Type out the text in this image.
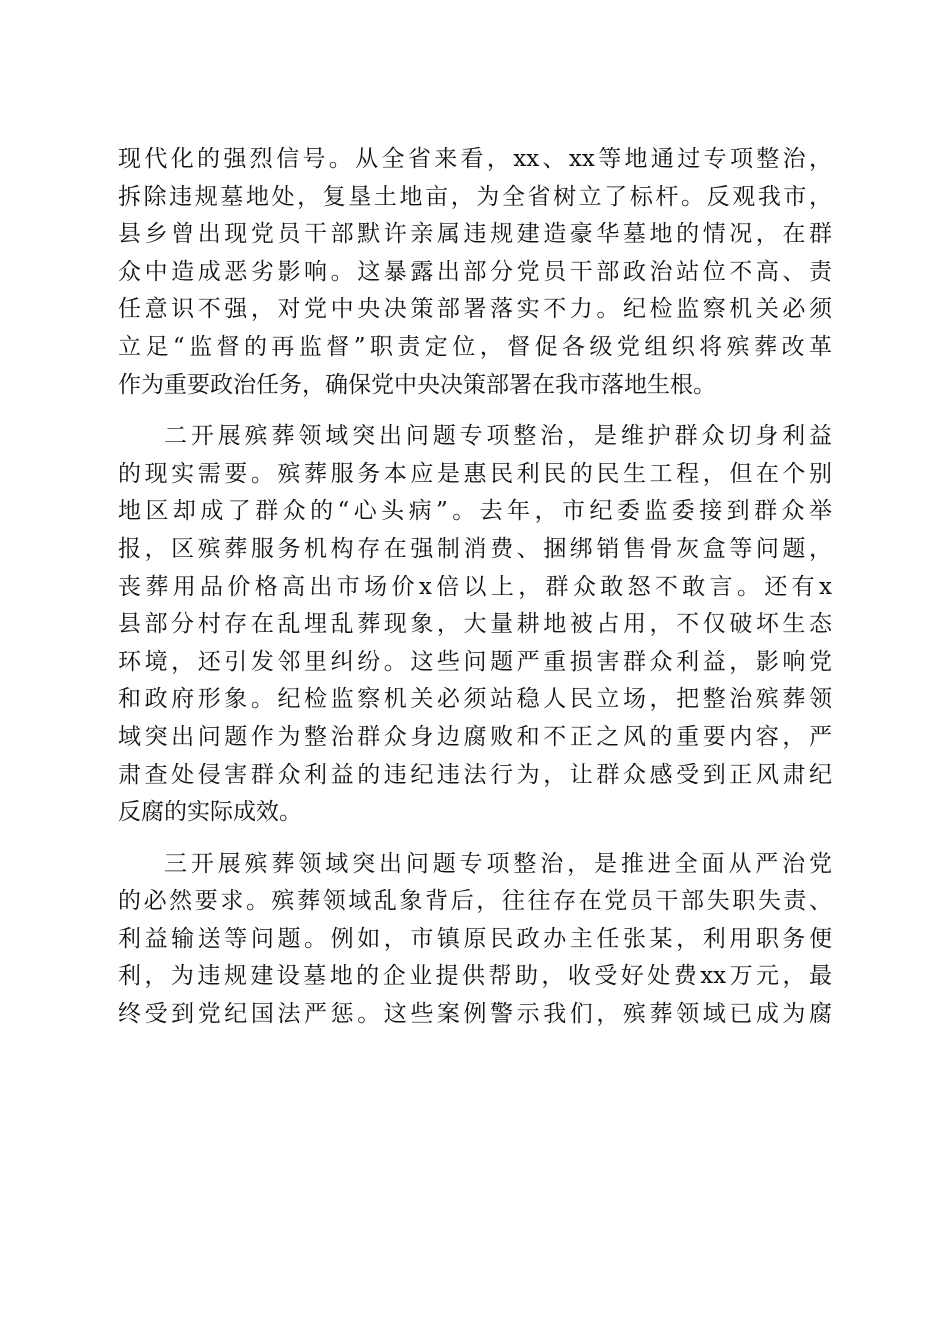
现代化的强烈信号。从全省来看，xx、xx等地通过专项整治，
拆除违规墓地处，复垦土地亩，为全省树立了标杆。反观我市，
县乡曾出现党员干部默许亲属违规建造豪华墓地的情况，在群
众中造成恶劣影响。这暴露出部分党员干部政治站位不高、责
任意识不强，对党中央决策部署落实不力。纪检监察机关必须
立足“监督的再监督”职责定位，督促各级党组织将殡葬改革
作为重要政治任务，确保党中央决策部署在我市落地生根。
二开展殡葬领域突出问题专项整治，是维护群众切身利益
的现实需要。殡葬服务本应是惠民利民的民生工程，但在个别
地区却成了群众的“心头病”。去年，市纪委监委接到群众举
报，区殡葬服务机构存在强制消费、捆绑销售骨灰盒等问题，
丧葬用品价格高出市场价x倍以上，群众敢怒不敢言。还有x
县部分村存在乱埋乱葬现象，大量耕地被占用，不仅破坏生态
环境，还引发邻里纠纷。这些问题严重损害群众利益，影响党
和政府形象。纪检监察机关必须站稳人民立场，把整治殡葬领
域突出问题作为整治群众身边腐败和不正之风的重要内容，严
肃查处侵害群众利益的违纪违法行为，让群众感受到正风肃纪
反腐的实际成效。
三开展殡葬领域突出问题专项整治，是推进全面从严治党
的必然要求。殡葬领域乱象背后，往往存在党员干部失职失责、
利益输送等问题。例如，市镇原民政办主任张某，利用职务便
利，为违规建设墓地的企业提供帮助，收受好处费xx万元，最
终受到党纪国法严惩。这些案例警示我们，殡葬领域已成为腐
